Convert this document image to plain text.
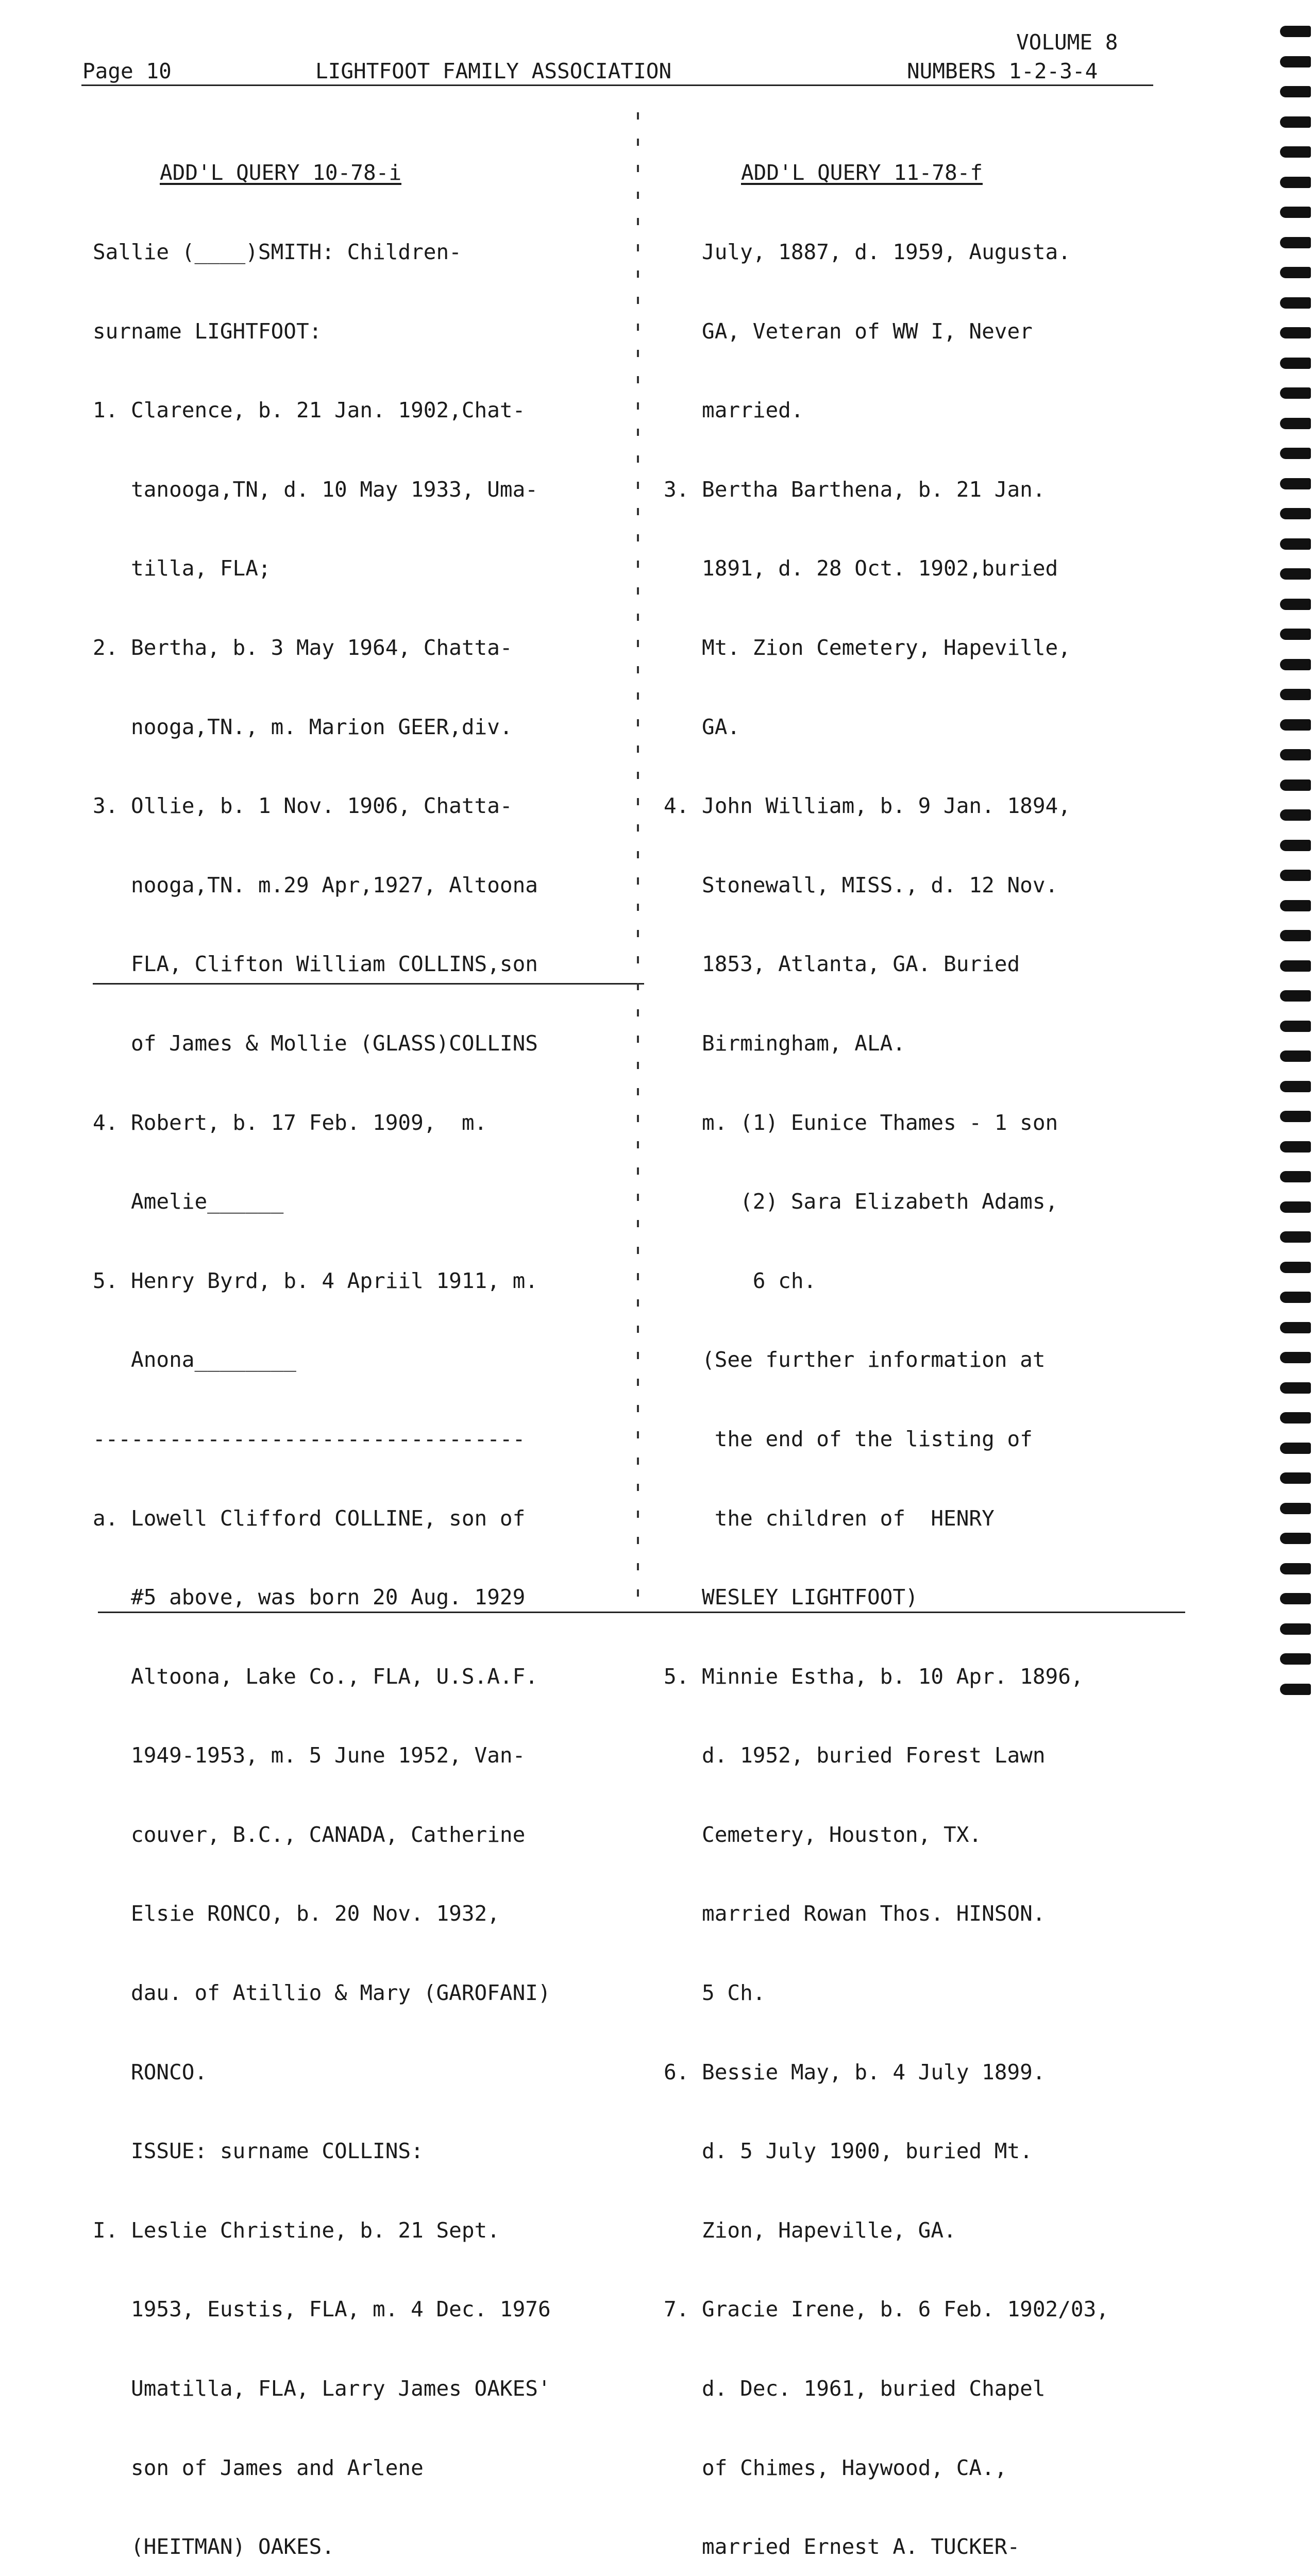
VOLUME 8
Page 10	LIGHTFOOT FAMILY ASSOCIATION	NUMBERS 1-2-3-4

ADD'L QUERY 10-78-i

Sallie (____)SMITH: Children-

surname LIGHTFOOT:

1. Clarence, b. 21 Jan. 1902,Chat-

tanooga,TN, d. 10 May 1933, Uma-

tilla, FLA;

2. Bertha, b. 3 May 1964, Chatta-

nooga,TN., m. Marion GEER,div.

3. Ollie, b. 1 Nov. 1906, Chatta-

nooga,TN. m.29 Apr,1927, Altoona

FLA, Clifton William COLLINS,son

of James & Mollie (GLASS)COLLINS

4. Robert, b. 17 Feb. 1909,  m.

Amelie______

5. Henry Byrd, b. 4 Apriil 1911, m.

Anona________

----------------------------------

a. Lowell Clifford COLLINE, son of

#5 above, was born 20 Aug. 1929

Altoona, Lake Co., FLA, U.S.A.F.

1949-1953, m. 5 June 1952, Van-

couver, B.C., CANADA, Catherine

Elsie RONCO, b. 20 Nov. 1932,

dau. of Atillio & Mary (GAROFANI)

RONCO.

ISSUE: surname COLLINS:

I. Leslie Christine, b. 21 Sept.

1953, Eustis, FLA, m. 4 Dec. 1976

Umatilla, FLA, Larry James OAKES'

son of James and Arlene

(HEITMAN) OAKES.

ADD'L QUERY 11-78-f

July, 1887, d. 1959, Augusta.

GA, Veteran of WW I, Never

married.

3. Bertha Barthena, b. 21 Jan.

1891, d. 28 Oct. 1902,buried

Mt. Zion Cemetery, Hapeville,

GA.

4. John William, b. 9 Jan. 1894,

Stonewall, MISS., d. 12 Nov.

1853, Atlanta, GA. Buried

Birmingham, ALA.

m. (1) Eunice Thames - 1 son

(2) Sara Elizabeth Adams,

6 ch.

(See further information at

the end of the listing of

the children of  HENRY

WESLEY LIGHTFOOT)

5. Minnie Estha, b. 10 Apr. 1896,

d. 1952, buried Forest Lawn

Cemetery, Houston, TX.

married Rowan Thos. HINSON.

5 Ch.

6. Bessie May, b. 4 July 1899.

d. 5 July 1900, buried Mt.

Zion, Hapeville, GA.

7. Gracie Irene, b. 6 Feb. 1902/03,

d. Dec. 1961, buried Chapel

of Chimes, Haywood, CA.,

married Ernest A. TUCKER-
